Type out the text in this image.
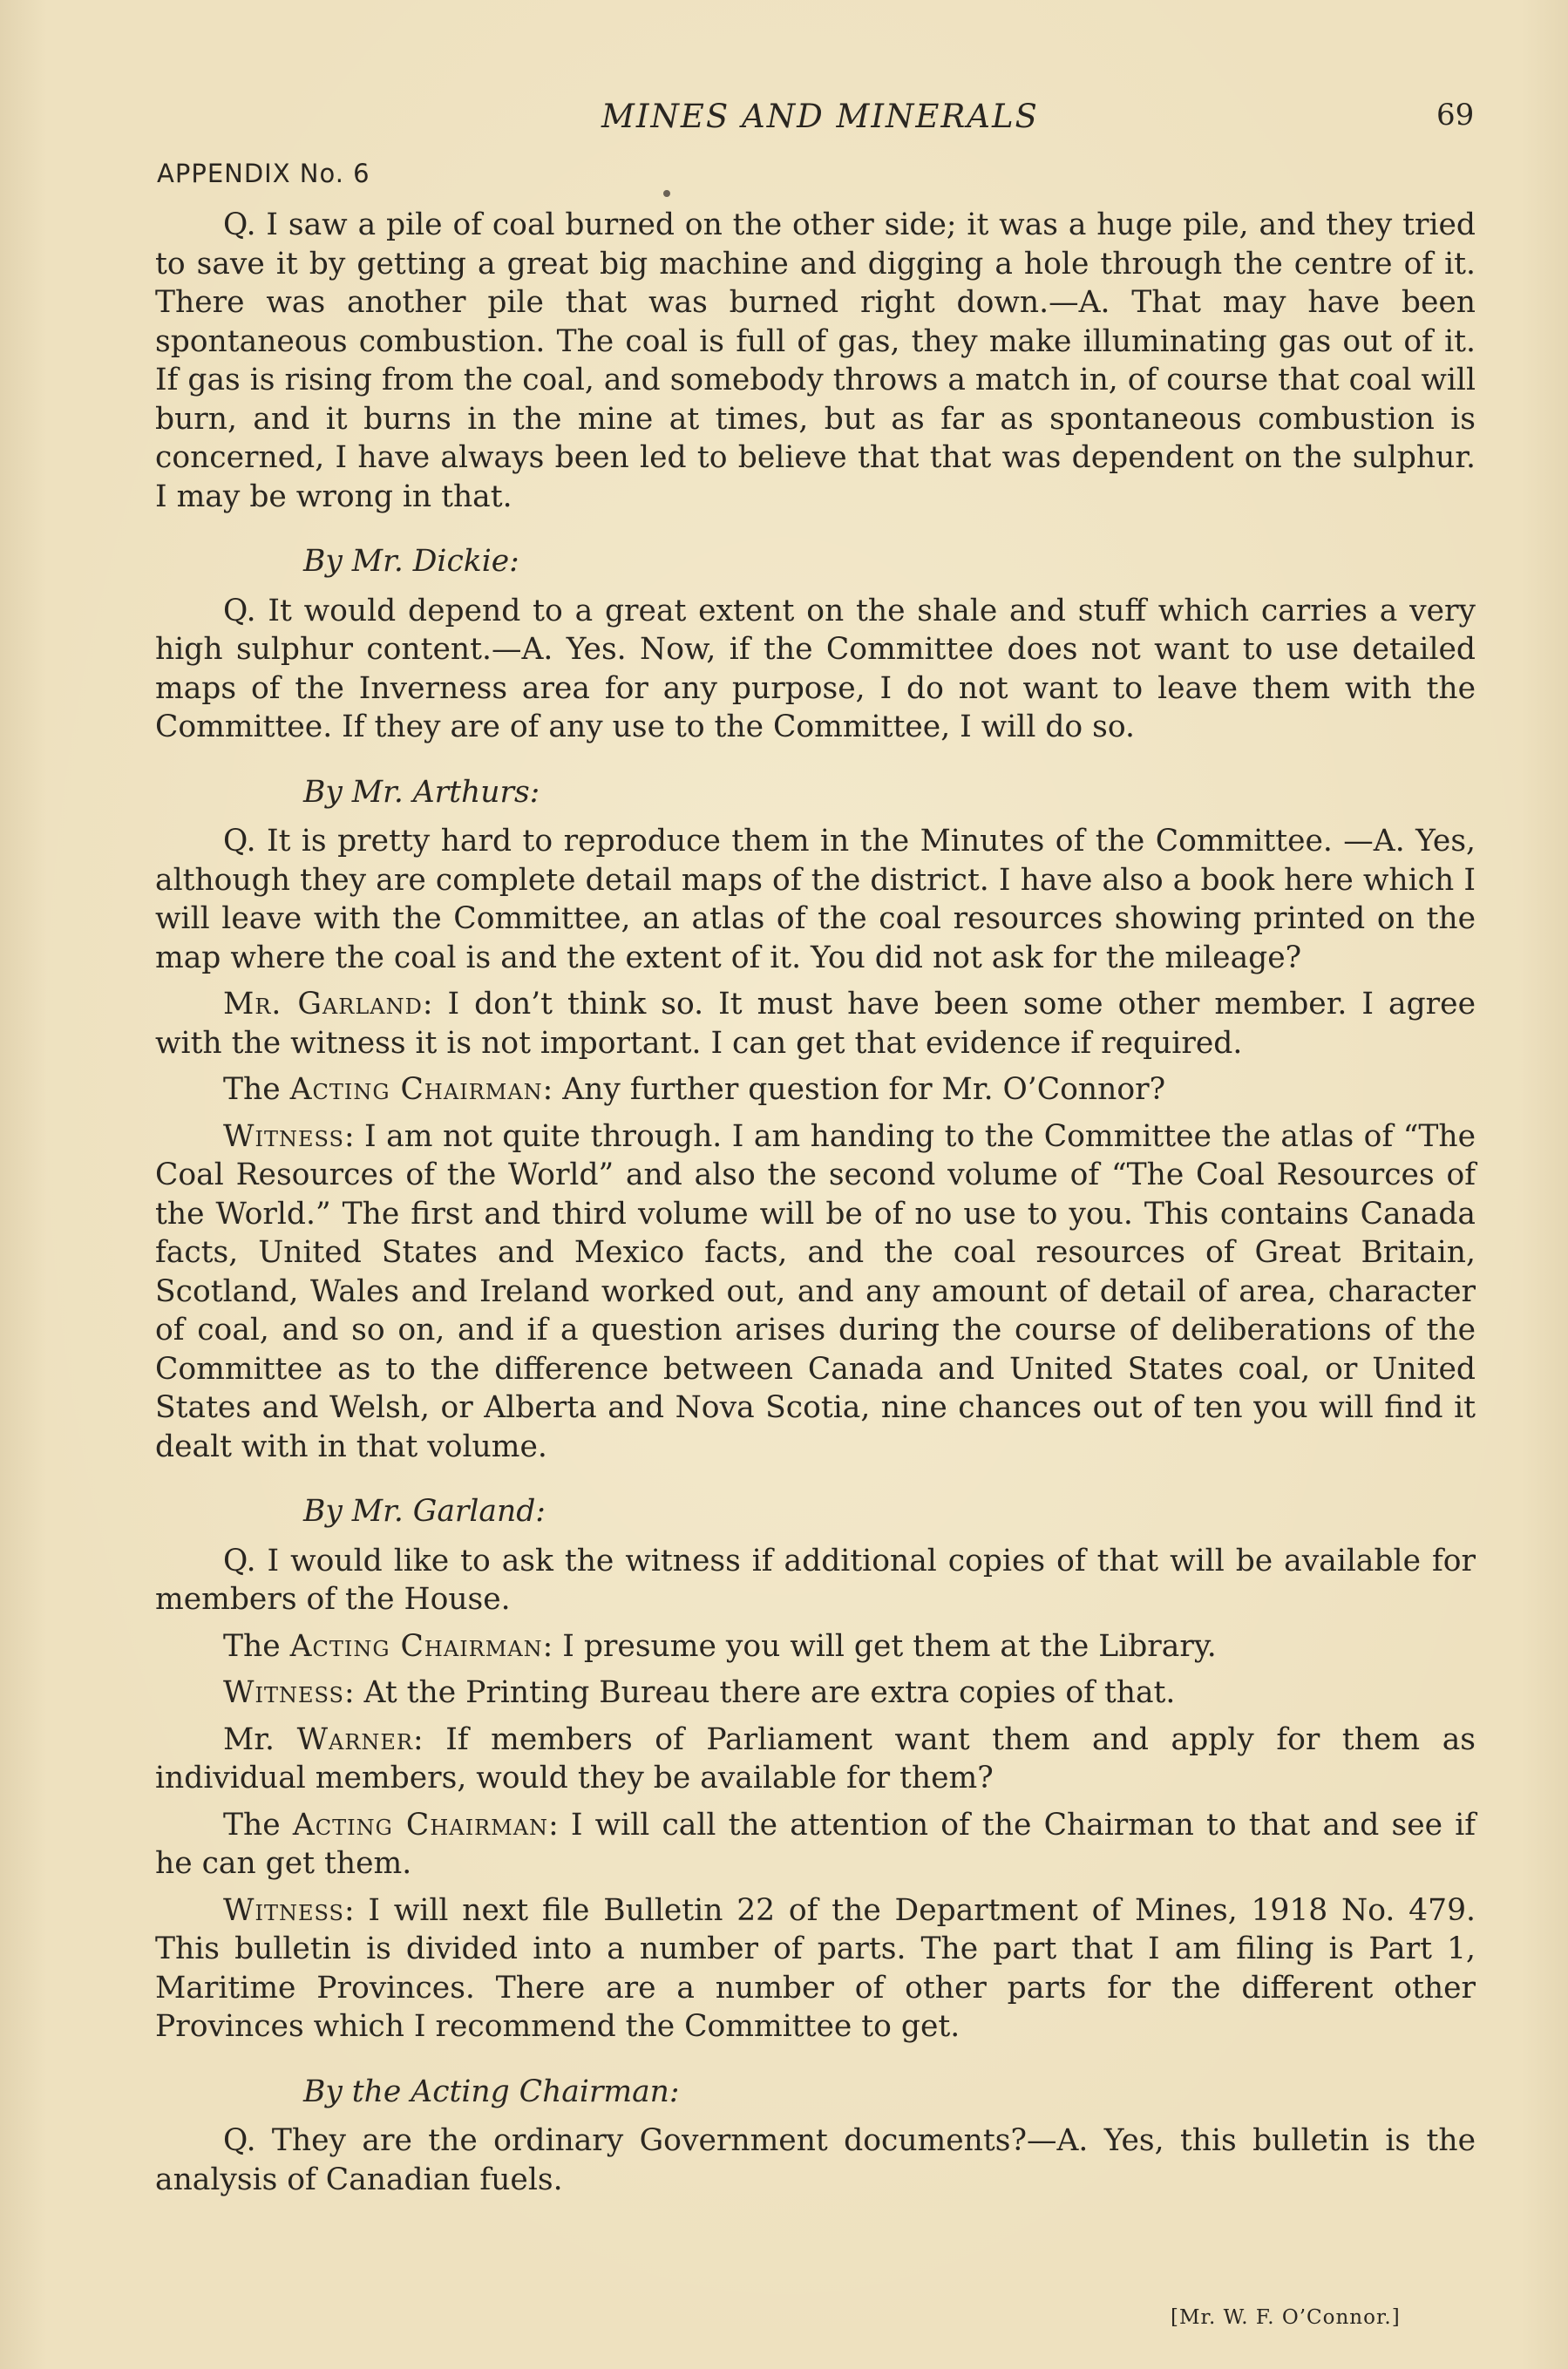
MINES AND MINERALS	69
APPENDIX No. 6

Q. I saw a pile of coal burned on the other side; it was a huge pile, and they tried to save it by getting a great big machine and digging a hole through the centre of it. There was another pile that was burned right down.—A. That may have been spontaneous combustion. The coal is full of gas, they make illuminating gas out of it. If gas is rising from the coal, and somebody throws a match in, of course that coal will burn, and it burns in the mine at times, but as far as spontaneous combustion is concerned, I have always been led to believe that that was dependent on the sulphur. I may be wrong in that.

By Mr. Dickie:

Q. It would depend to a great extent on the shale and stuff which carries a very high sulphur content.—A. Yes. Now, if the Committee does not want to use detailed maps of the Inverness area for any purpose, I do not want to leave them with the Committee. If they are of any use to the Committee, I will do so.

By Mr. Arthurs:

Q. It is pretty hard to reproduce them in the Minutes of the Committee. —A. Yes, although they are complete detail maps of the district. I have also a book here which I will leave with the Committee, an atlas of the coal resources showing printed on the map where the coal is and the extent of it. You did not ask for the mileage?

Mr. Garland: I don’t think so. It must have been some other member. I agree with the witness it is not important. I can get that evidence if required.

The Acting Chairman: Any further question for Mr. O’Connor?

Witness: I am not quite through. I am handing to the Committee the atlas of “The Coal Resources of the World” and also the second volume of “The Coal Resources of the World.” The first and third volume will be of no use to you. This contains Canada facts, United States and Mexico facts, and the coal resources of Great Britain, Scotland, Wales and Ireland worked out, and any amount of detail of area, character of coal, and so on, and if a question arises during the course of deliberations of the Committee as to the difference between Canada and United States coal, or United States and Welsh, or Alberta and Nova Scotia, nine chances out of ten you will find it dealt with in that volume.

By Mr. Garland:

Q. I would like to ask the witness if additional copies of that will be available for members of the House.

The Acting Chairman: I presume you will get them at the Library.

Witness: At the Printing Bureau there are extra copies of that.

Mr. Warner: If members of Parliament want them and apply for them as individual members, would they be available for them?

The Acting Chairman: I will call the attention of the Chairman to that and see if he can get them.

Witness: I will next file Bulletin 22 of the Department of Mines, 1918 No. 479. This bulletin is divided into a number of parts. The part that I am filing is Part 1, Maritime Provinces. There are a number of other parts for the different other Provinces which I recommend the Committee to get.

By the Acting Chairman:

Q. They are the ordinary Government documents?—A. Yes, this bulletin is the analysis of Canadian fuels.

[Mr. W. F. O’Connor.]
